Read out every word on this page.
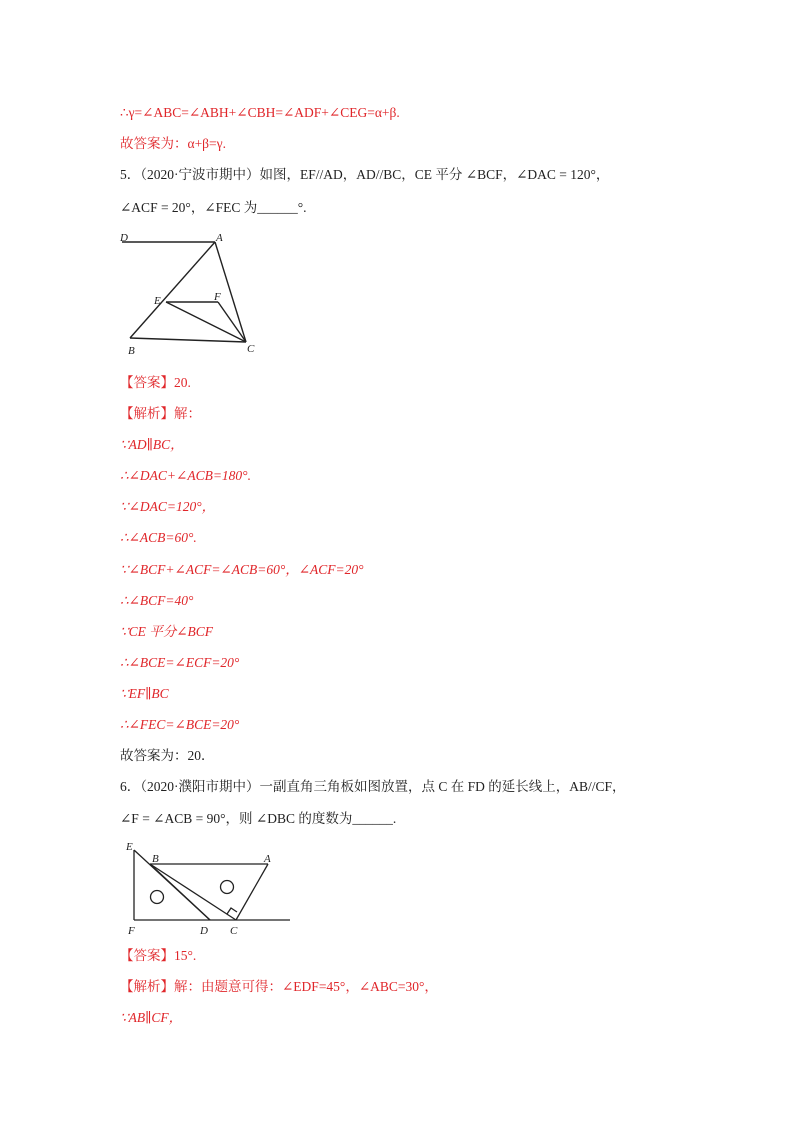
∴γ=∠ABC=∠ABH+∠CBH=∠ADF+∠CEG=α+β.
故答案为：α+β=γ.
5．（2020·宁波市期中）如图，EF//AD，AD//BC，CE 平分 ∠BCF，∠DAC = 120°，
∠ACF = 20°，∠FEC 为______°.
D	A
E	F
B	C
【答案】20.
【解析】解：
∵AD∥BC，
∴∠DAC+∠ACB=180°.
∵∠DAC=120°，
∴∠ACB=60°.
∵∠BCF+∠ACF=∠ACB=60°，∠ACF=20°
∴∠BCF=40°
∵CE 平分∠BCF
∴∠BCE=∠ECF=20°
∵EF∥BC
∴∠FEC=∠BCE=20°
故答案为：20．
6．（2020·濮阳市期中）一副直角三角板如图放置，点 C 在 FD 的延长线上，AB//CF，
∠F = ∠ACB = 90°，则 ∠DBC 的度数为______.
E
B	A
F	D C
【答案】15°.
【解析】解：由题意可得：∠EDF=45°，∠ABC=30°，
∵AB∥CF，
